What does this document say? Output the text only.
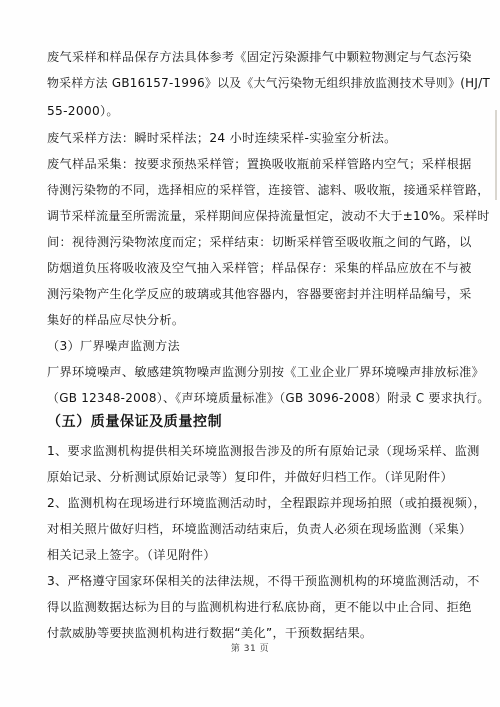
废气采样和样品保存方法具体参考《固定污染源排气中颗粒物测定与气态污染
物采样方法 GB16157-1996》以及《大气污染物无组织排放监测技术导则》(HJ/T
55-2000）。
废气采样方法：瞬时采样法；24 小时连续采样-实验室分析法。
废气样品采集：按要求预热采样管；置换吸收瓶前采样管路内空气；采样根据
待测污染物的不同，选择相应的采样管，连接管、滤料、吸收瓶，接通采样管路，
调节采样流量至所需流量，采样期间应保持流量恒定，波动不大于±10%。采样时
间：视待测污染物浓度而定；采样结束：切断采样管至吸收瓶之间的气路，以
防烟道负压将吸收液及空气抽入采样管；样品保存：采集的样品应放在不与被
测污染物产生化学反应的玻璃或其他容器内，容器要密封并注明样品编号，采
集好的样品应尽快分析。
（3）厂界噪声监测方法
厂界环境噪声、敏感建筑物噪声监测分别按《工业企业厂界环境噪声排放标准》
（GB 12348-2008）、《声环境质量标准》（GB 3096-2008）附录 C 要求执行。
（五）质量保证及质量控制
1、要求监测机构提供相关环境监测报告涉及的所有原始记录（现场采样、监测
原始记录、分析测试原始记录等）复印件，并做好归档工作。（详见附件）
2、监测机构在现场进行环境监测活动时，全程跟踪并现场拍照（或拍摄视频），
对相关照片做好归档，环境监测活动结束后，负责人必须在现场监测（采集）
相关记录上签字。（详见附件）
3、严格遵守国家环保相关的法律法规，不得干预监测机构的环境监测活动，不
得以监测数据达标为目的与监测机构进行私底协商，更不能以中止合同、拒绝
付款威胁等要挟监测机构进行数据“美化”，干预数据结果。
第 31 页
